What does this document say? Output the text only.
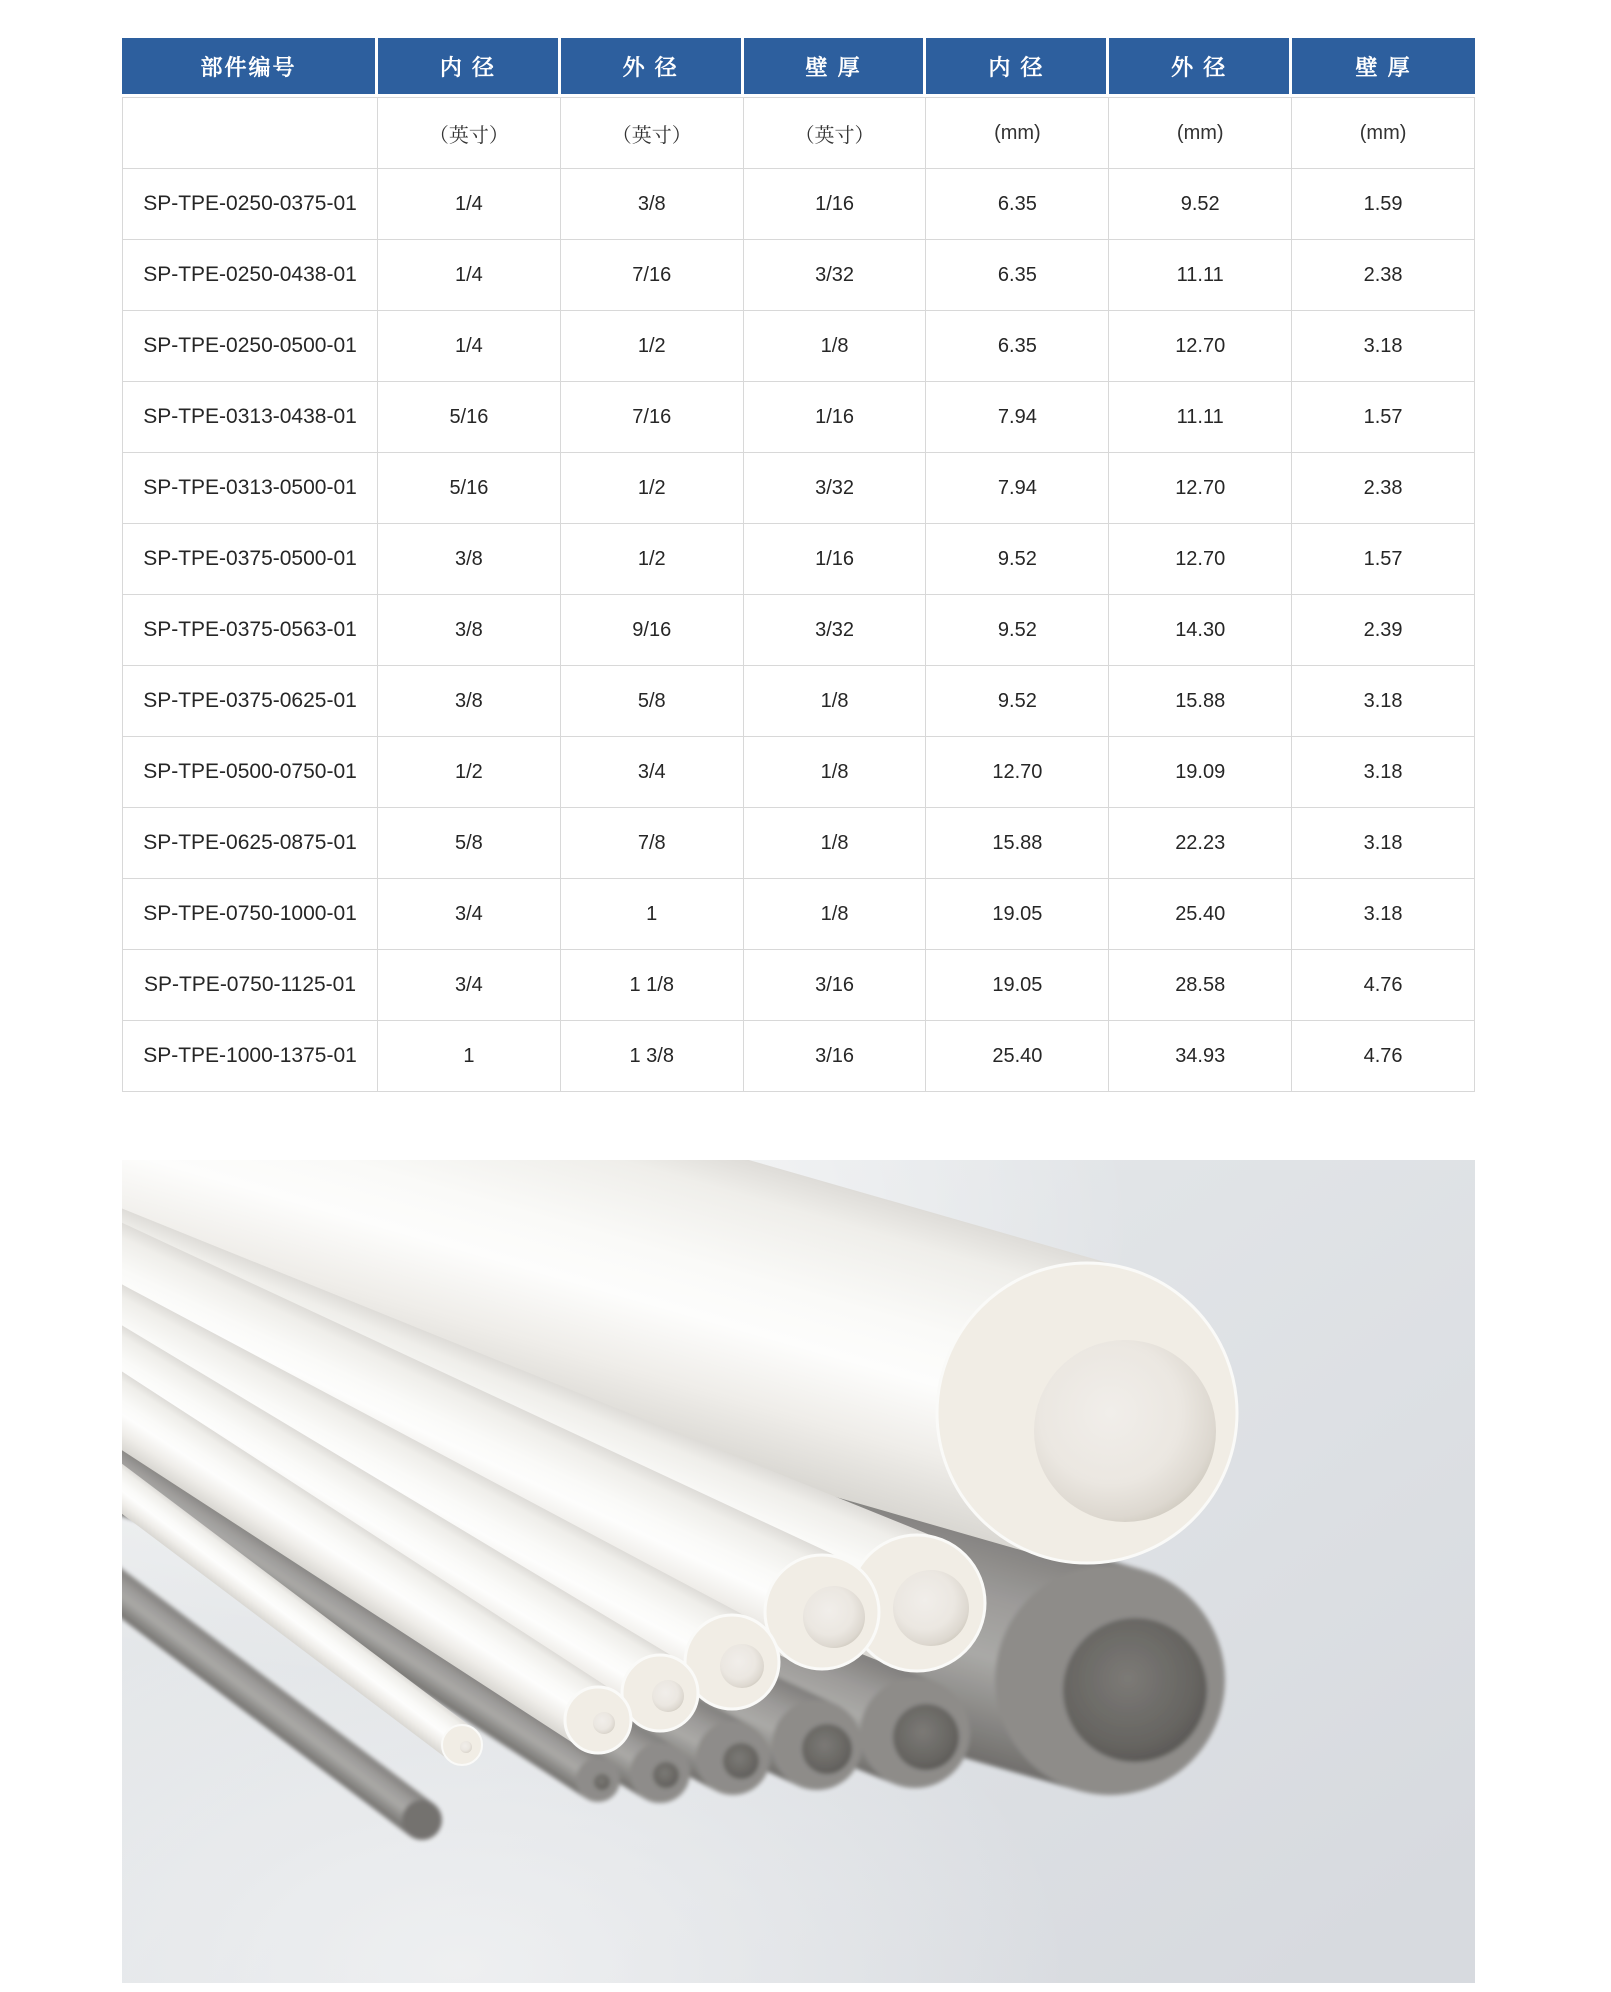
部件编号	内 径	外 径	壁 厚	内 径	外 径	壁 厚
	（英寸）	（英寸）	（英寸）	(mm)	(mm)	(mm)
SP-TPE-0250-0375-01	1/4	3/8	1/16	6.35	9.52	1.59
SP-TPE-0250-0438-01	1/4	7/16	3/32	6.35	11.11	2.38
SP-TPE-0250-0500-01	1/4	1/2	1/8	6.35	12.70	3.18
SP-TPE-0313-0438-01	5/16	7/16	1/16	7.94	11.11	1.57
SP-TPE-0313-0500-01	5/16	1/2	3/32	7.94	12.70	2.38
SP-TPE-0375-0500-01	3/8	1/2	1/16	9.52	12.70	1.57
SP-TPE-0375-0563-01	3/8	9/16	3/32	9.52	14.30	2.39
SP-TPE-0375-0625-01	3/8	5/8	1/8	9.52	15.88	3.18
SP-TPE-0500-0750-01	1/2	3/4	1/8	12.70	19.09	3.18
SP-TPE-0625-0875-01	5/8	7/8	1/8	15.88	22.23	3.18
SP-TPE-0750-1000-01	3/4	1	1/8	19.05	25.40	3.18
SP-TPE-0750-1125-01	3/4	1 1/8	3/16	19.05	28.58	4.76
SP-TPE-1000-1375-01	1	1 3/8	3/16	25.40	34.93	4.76
